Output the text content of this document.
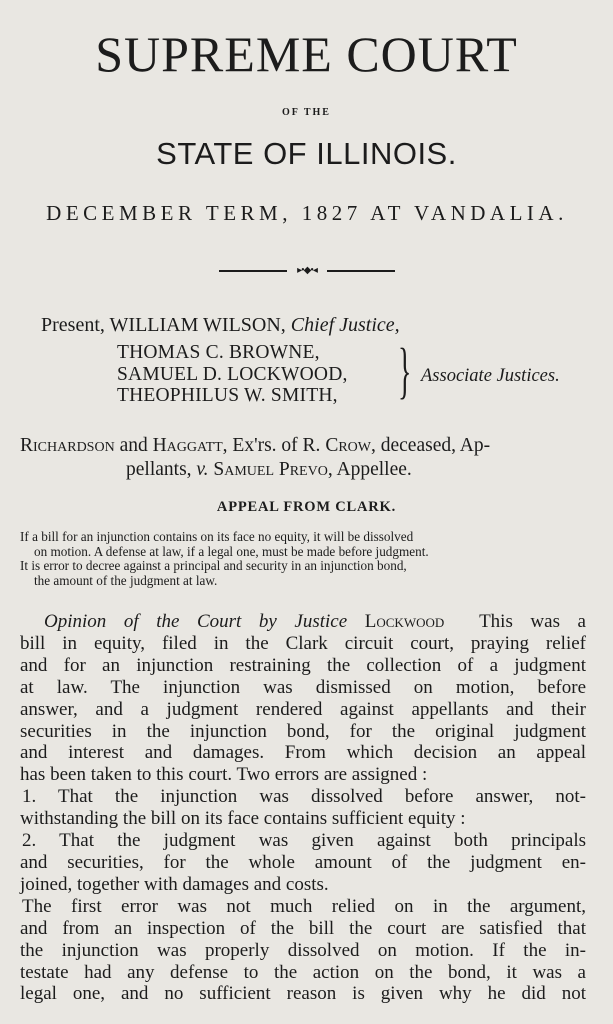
SUPREME COURT
OF THE
STATE OF ILLINOIS.
DECEMBER TERM, 1827 AT VANDALIA.
▸•◆•◂
Present, WILLIAM WILSON, Chief Justice,
THOMAS C. BROWNE,
SAMUEL D. LOCKWOOD,
THEOPHILUS W. SMITH, } Associate Justices.
Richardson and Haggatt, Ex'rs. of R. Crow, deceased, Ap-
pellants, v. Samuel Prevo, Appellee.
APPEAL FROM CLARK.
If a bill for an injunction contains on its face no equity, it will be dissolved
on motion. A defense at law, if a legal one, must be made before judgment.
It is error to decree against a principal and security in an injunction bond,
the amount of the judgment at law.
Opinion of the Court by Justice Lockwood This was a
bill in equity, filed in the Clark circuit court, praying relief
and for an injunction restraining the collection of a judgment
at law. The injunction was dismissed on motion, before
answer, and a judgment rendered against appellants and their
securities in the injunction bond, for the original judgment
and interest and damages. From which decision an appeal
has been taken to this court. Two errors are assigned :
1. That the injunction was dissolved before answer, not-
withstanding the bill on its face contains sufficient equity :
2. That the judgment was given against both principals
and securities, for the whole amount of the judgment en-
joined, together with damages and costs.
The first error was not much relied on in the argument,
and from an inspection of the bill the court are satisfied that
the injunction was properly dissolved on motion. If the in-
testate had any defense to the action on the bond, it was a
legal one, and no sufficient reason is given why he did not
